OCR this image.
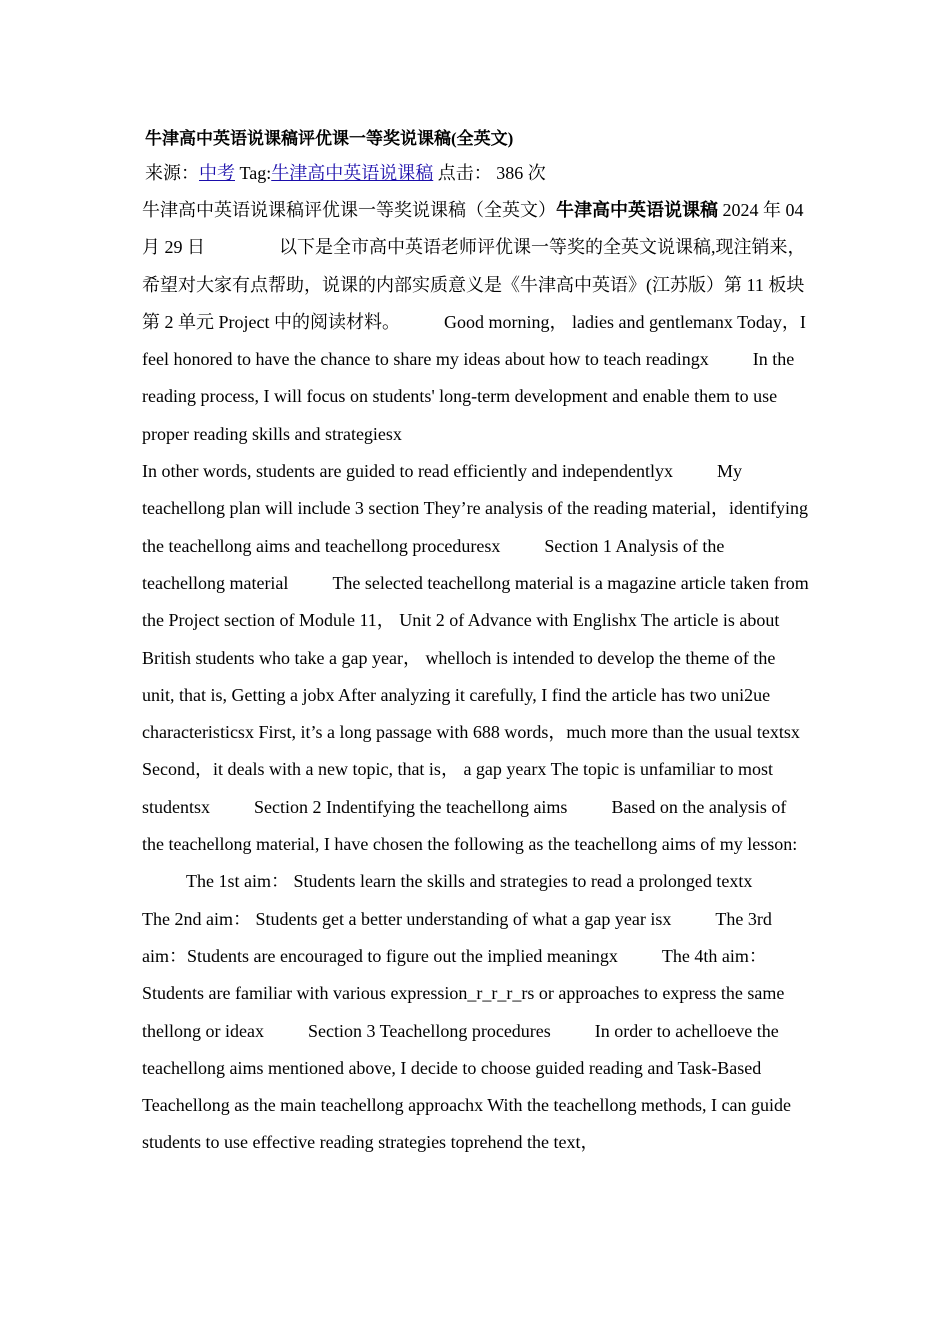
牛津高中英语说课稿评优课一等奖说课稿(全英文)
来源：中考 Tag:牛津高中英语说课稿 点击： 386 次
牛津高中英语说课稿评优课一等奖说课稿（全英文）牛津高中英语说课稿 2024 年 04 月 29 日	以下是全市高中英语老师评优课一等奖的全英文说课稿,现注销来，希望对大家有点帮助，说课的内部实质意义是《牛津高中英语》(江苏版）第 11 板块第 2 单元 Project 中的阅读材料。 Good morning， ladies and gentlemanx Today，I feel honored to have the chance to share my ideas about how to teach readingx In the reading process, I will focus on students' long-term development and enable them to use proper reading skills and strategiesx
In other words, students are guided to read efficiently and independentlyx My teachellong plan will include 3 section They’re analysis of the reading material，identifying the teachellong aims and teachellong proceduresx Section 1 Analysis of the teachellong material The selected teachellong material is a magazine article taken from the Project section of Module 11， Unit 2 of Advance with Englishx The article is about British students who take a gap year， whelloch is intended to develop the theme of the unit, that is, Getting a jobx After analyzing it carefully, I find the article has two uni2ue characteristicsx First, it’s a long passage with 688 words，much more than the usual textsx Second，it deals with a new topic, that is， a gap yearx The topic is unfamiliar to most studentsx Section 2 Indentifying the teachellong aims Based on the analysis of the teachellong material, I have chosen the following as the teachellong aims of my lesson:The 1st aim： Students learn the skills and strategies to read a prolonged textxThe 2nd aim： Students get a better understanding of what a gap year isx The 3rd aim：Students are encouraged to figure out the implied meaningx The 4th aim：Students are familiar with various expression_r_r_r_rs or approaches to express the same thellong or ideax Section 3 Teachellong procedures In order to achelloeve the teachellong aims mentioned above, I decide to choose guided reading and Task-Based Teachellong as the main teachellong approachx With the teachellong methods, I can guide students to use effective reading strategies toprehend the text，
